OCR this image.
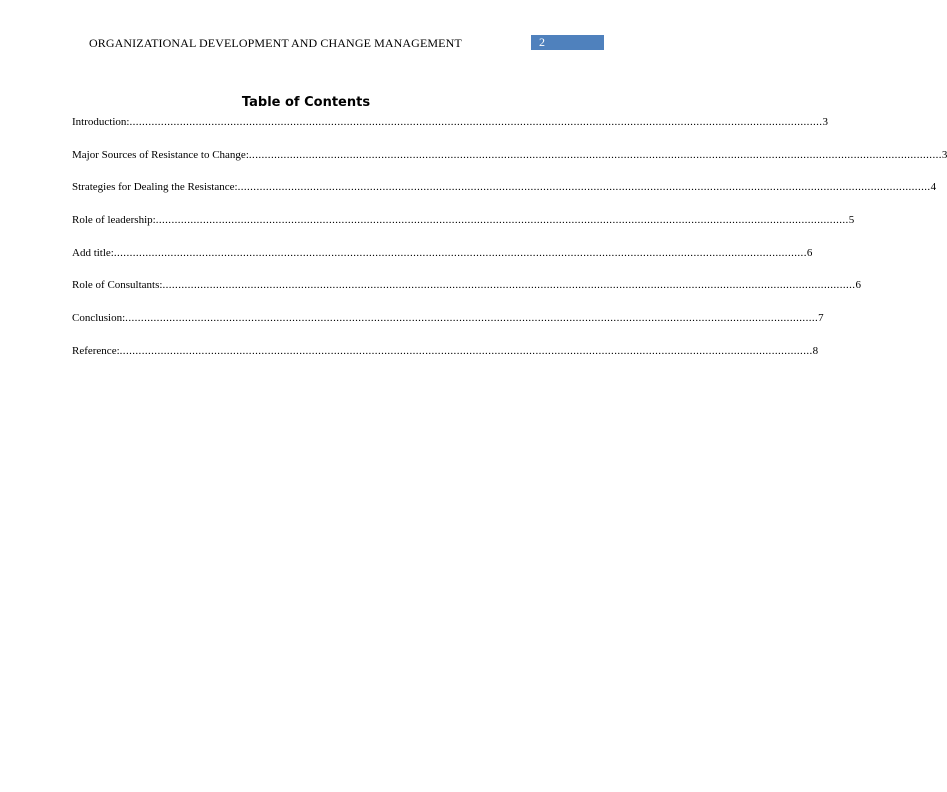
ORGANIZATIONAL DEVELOPMENT AND CHANGE MANAGEMENT	2
Table of Contents
Introduction: ............................................................................................................................................................................................................................ 3
Major Sources of Resistance to Change: ............................................................................................................................................................................................................................ 3
Strategies for Dealing the Resistance: ............................................................................................................................................................................................................................ 4
Role of leadership: ............................................................................................................................................................................................................................ 5
Add title: ............................................................................................................................................................................................................................ 6
Role of Consultants: ............................................................................................................................................................................................................................ 6
Conclusion: ............................................................................................................................................................................................................................ 7
Reference: ............................................................................................................................................................................................................................ 8
